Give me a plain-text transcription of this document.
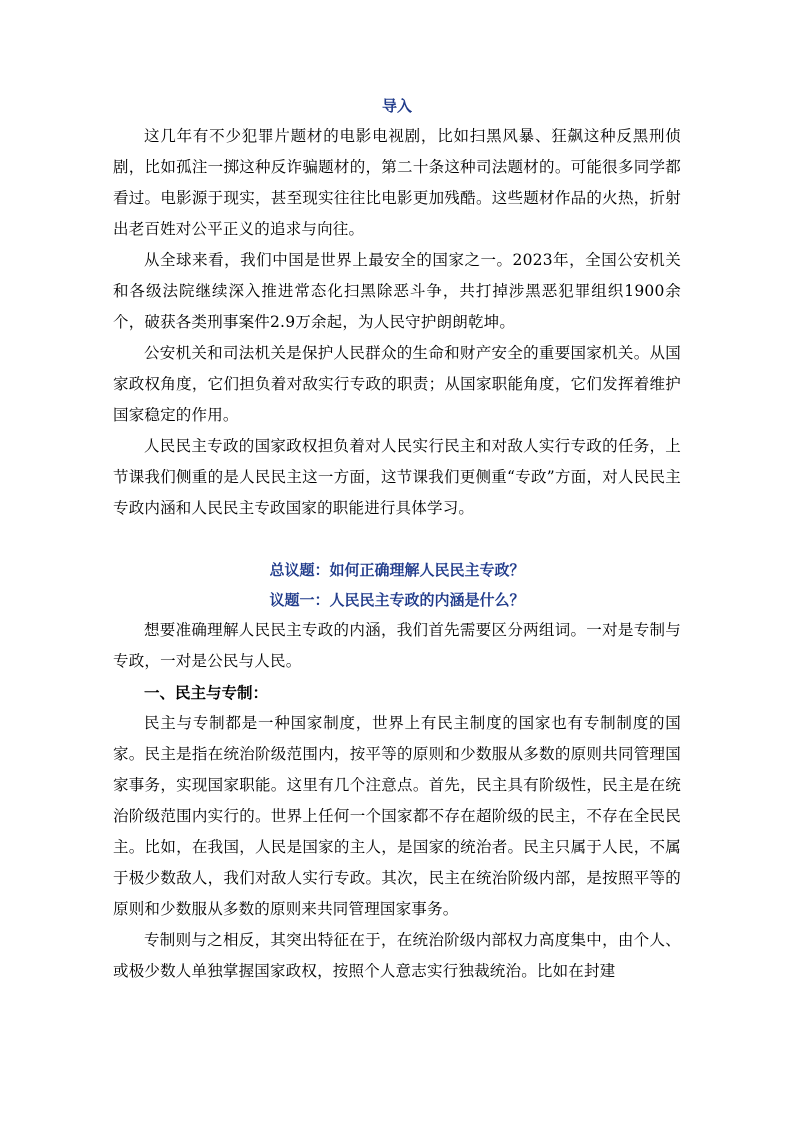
导入

这几年有不少犯罪片题材的电影电视剧，比如扫黑风暴、狂飙这种反黑刑侦剧，比如孤注一掷这种反诈骗题材的，第二十条这种司法题材的。可能很多同学都看过。电影源于现实，甚至现实往往比电影更加残酷。这些题材作品的火热，折射出老百姓对公平正义的追求与向往。

从全球来看，我们中国是世界上最安全的国家之一。2023年，全国公安机关和各级法院继续深入推进常态化扫黑除恶斗争，共打掉涉黑恶犯罪组织1900余个，破获各类刑事案件2.9万余起，为人民守护朗朗乾坤。

公安机关和司法机关是保护人民群众的生命和财产安全的重要国家机关。从国家政权角度，它们担负着对敌实行专政的职责；从国家职能角度，它们发挥着维护国家稳定的作用。

人民民主专政的国家政权担负着对人民实行民主和对敌人实行专政的任务，上节课我们侧重的是人民民主这一方面，这节课我们更侧重“专政”方面，对人民民主专政内涵和人民民主专政国家的职能进行具体学习。

总议题：如何正确理解人民民主专政？
议题一：人民民主专政的内涵是什么？

想要准确理解人民民主专政的内涵，我们首先需要区分两组词。一对是专制与专政，一对是公民与人民。

一、民主与专制：

民主与专制都是一种国家制度，世界上有民主制度的国家也有专制制度的国家。民主是指在统治阶级范围内，按平等的原则和少数服从多数的原则共同管理国家事务，实现国家职能。这里有几个注意点。首先，民主具有阶级性，民主是在统治阶级范围内实行的。世界上任何一个国家都不存在超阶级的民主，不存在全民民主。比如，在我国，人民是国家的主人，是国家的统治者。民主只属于人民，不属于极少数敌人，我们对敌人实行专政。其次，民主在统治阶级内部，是按照平等的原则和少数服从多数的原则来共同管理国家事务。

专制则与之相反，其突出特征在于，在统治阶级内部权力高度集中，由个人、或极少数人单独掌握国家政权，按照个人意志实行独裁统治。比如在封建
